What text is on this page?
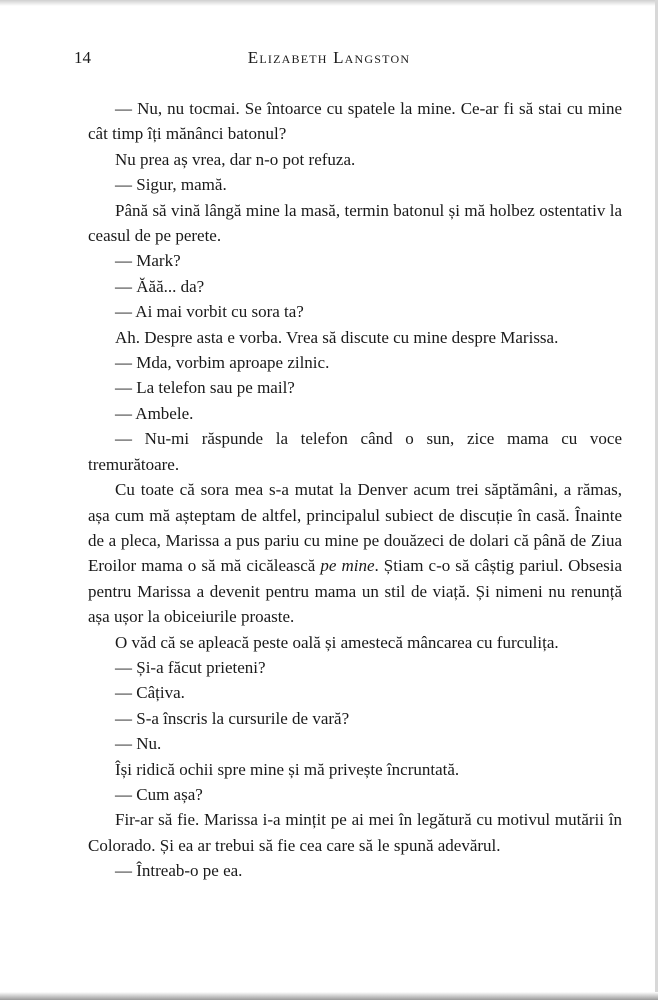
14	Elizabeth Langston

— Nu, nu tocmai. Se întoarce cu spatele la mine. Ce-ar fi să stai cu mine cât timp îți mănânci batonul?

Nu prea aș vrea, dar n-o pot refuza.

— Sigur, mamă.

Până să vină lângă mine la masă, termin batonul și mă holbez ostentativ la ceasul de pe perete.

— Mark?

— Ăăă... da?

— Ai mai vorbit cu sora ta?

Ah. Despre asta e vorba. Vrea să discute cu mine despre Marissa.

— Mda, vorbim aproape zilnic.

— La telefon sau pe mail?

— Ambele.

— Nu-mi răspunde la telefon când o sun, zice mama cu voce tremurătoare.

Cu toate că sora mea s-a mutat la Denver acum trei săptămâni, a rămas, așa cum mă așteptam de altfel, principalul subiect de discuție în casă. Înainte de a pleca, Marissa a pus pariu cu mine pe douăzeci de dolari că până de Ziua Eroilor mama o să mă cicălească pe mine. Știam c-o să câștig pariul. Obsesia pentru Marissa a devenit pentru mama un stil de viață. Și nimeni nu renunță așa ușor la obiceiurile proaste.

O văd că se apleacă peste oală și amestecă mâncarea cu furculița.

— Și-a făcut prieteni?

— Câțiva.

— S-a înscris la cursurile de vară?

— Nu.

Își ridică ochii spre mine și mă privește încruntată.

— Cum așa?

Fir-ar să fie. Marissa i-a mințit pe ai mei în legătură cu motivul mutării în Colorado. Și ea ar trebui să fie cea care să le spună adevărul.

— Întreab-o pe ea.
